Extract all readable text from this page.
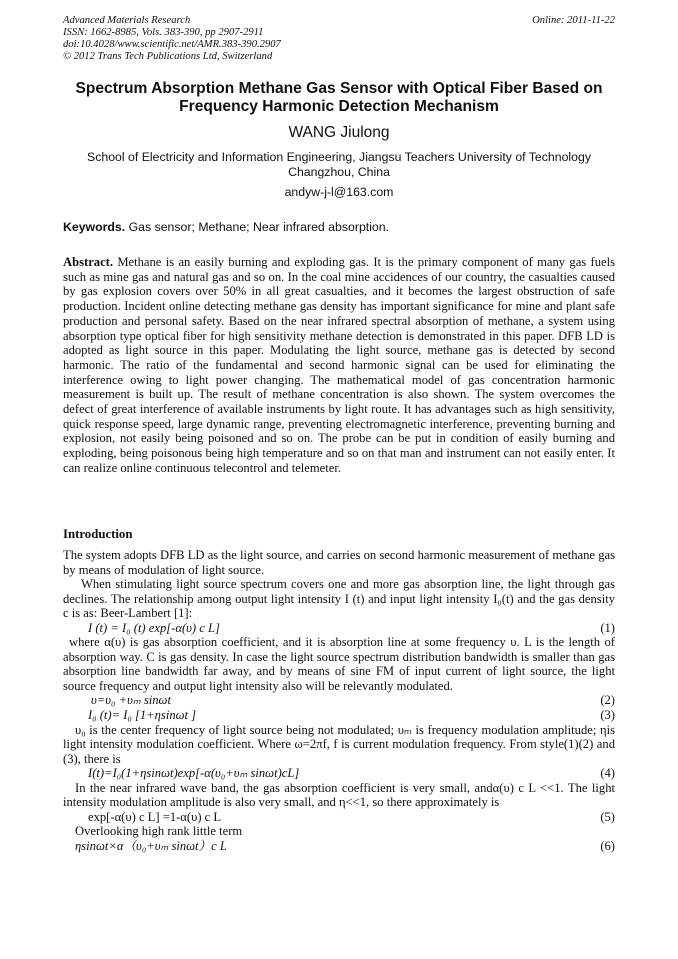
Advanced Materials Research
ISSN: 1662-8985, Vols. 383-390, pp 2907-2911
doi:10.4028/www.scientific.net/AMR.383-390.2907
© 2012 Trans Tech Publications Ltd, Switzerland
Online: 2011-11-22
Spectrum Absorption Methane Gas Sensor with Optical Fiber Based on Frequency Harmonic Detection Mechanism
WANG Jiulong
School of Electricity and Information Engineering, Jiangsu Teachers University of Technology
Changzhou, China
andyw-j-l@163.com
Keywords. Gas sensor; Methane; Near infrared absorption.
Abstract. Methane is an easily burning and exploding gas. It is the primary component of many gas fuels such as mine gas and natural gas and so on. In the coal mine accidences of our country, the casualties caused by gas explosion covers over 50% in all great casualties, and it becomes the largest obstruction of safe production. Incident online detecting methane gas density has important significance for mine and plant safe production and personal safety. Based on the near infrared spectral absorption of methane, a system using absorption type optical fiber for high sensitivity methane detection is demonstrated in this paper. DFB LD is adopted as light source in this paper. Modulating the light source, methane gas is detected by second harmonic. The ratio of the fundamental and second harmonic signal can be used for eliminating the interference owing to light power changing. The mathematical model of gas concentration harmonic measurement is built up. The result of methane concentration is also shown. The system overcomes the defect of great interference of available instruments by light route. It has advantages such as high sensitivity, quick response speed, large dynamic range, preventing electromagnetic interference, preventing burning and explosion, not easily being poisoned and so on. The probe can be put in condition of easily burning and exploding, being poisonous being high temperature and so on that man and instrument can not easily enter. It can realize online continuous telecontrol and telemeter.
Introduction

The system adopts DFB LD as the light source, and carries on second harmonic measurement of methane gas by means of modulation of light source.

When stimulating light source spectrum covers one and more gas absorption line, the light through gas declines. The relationship among output light intensity I (t) and input light intensity I₀(t) and the gas density c is as: Beer-Lambert [1]:

I (t) = I₀ (t) exp[-α(υ) c L]	(1)

where α(υ) is gas absorption coefficient, and it is absorption line at some frequency υ. L is the length of absorption way. C is gas density. In case the light source spectrum distribution bandwidth is smaller than gas absorption line bandwidth far away, and by means of sine FM of input current of light source, the light source frequency and output light intensity also will be relevantly modulated.

υ=υ₀ +υₘ sinωt	(2)
I₀ (t)= I₀ [1+ηsinωt ]	(3)

υ₀ is the center frequency of light source being not modulated; υₘ is frequency modulation amplitude; ηis light intensity modulation coefficient. Where ω=2πf, f is current modulation frequency. From style(1)(2) and (3), there is

I(t)=I₀(1+ηsinωt)exp[-α(υ₀+υₘ sinωt)cL]	(4)

In the near infrared wave band, the gas absorption coefficient is very small, andα(υ) c L <<1. The light intensity modulation amplitude is also very small, and η<<1, so there approximately is

exp[-α(υ) c L] =1-α(υ) c L	(5)

Overlooking high rank little term

ηsinωt×α（υ₀+υₘ sinωt）c L	(6)
